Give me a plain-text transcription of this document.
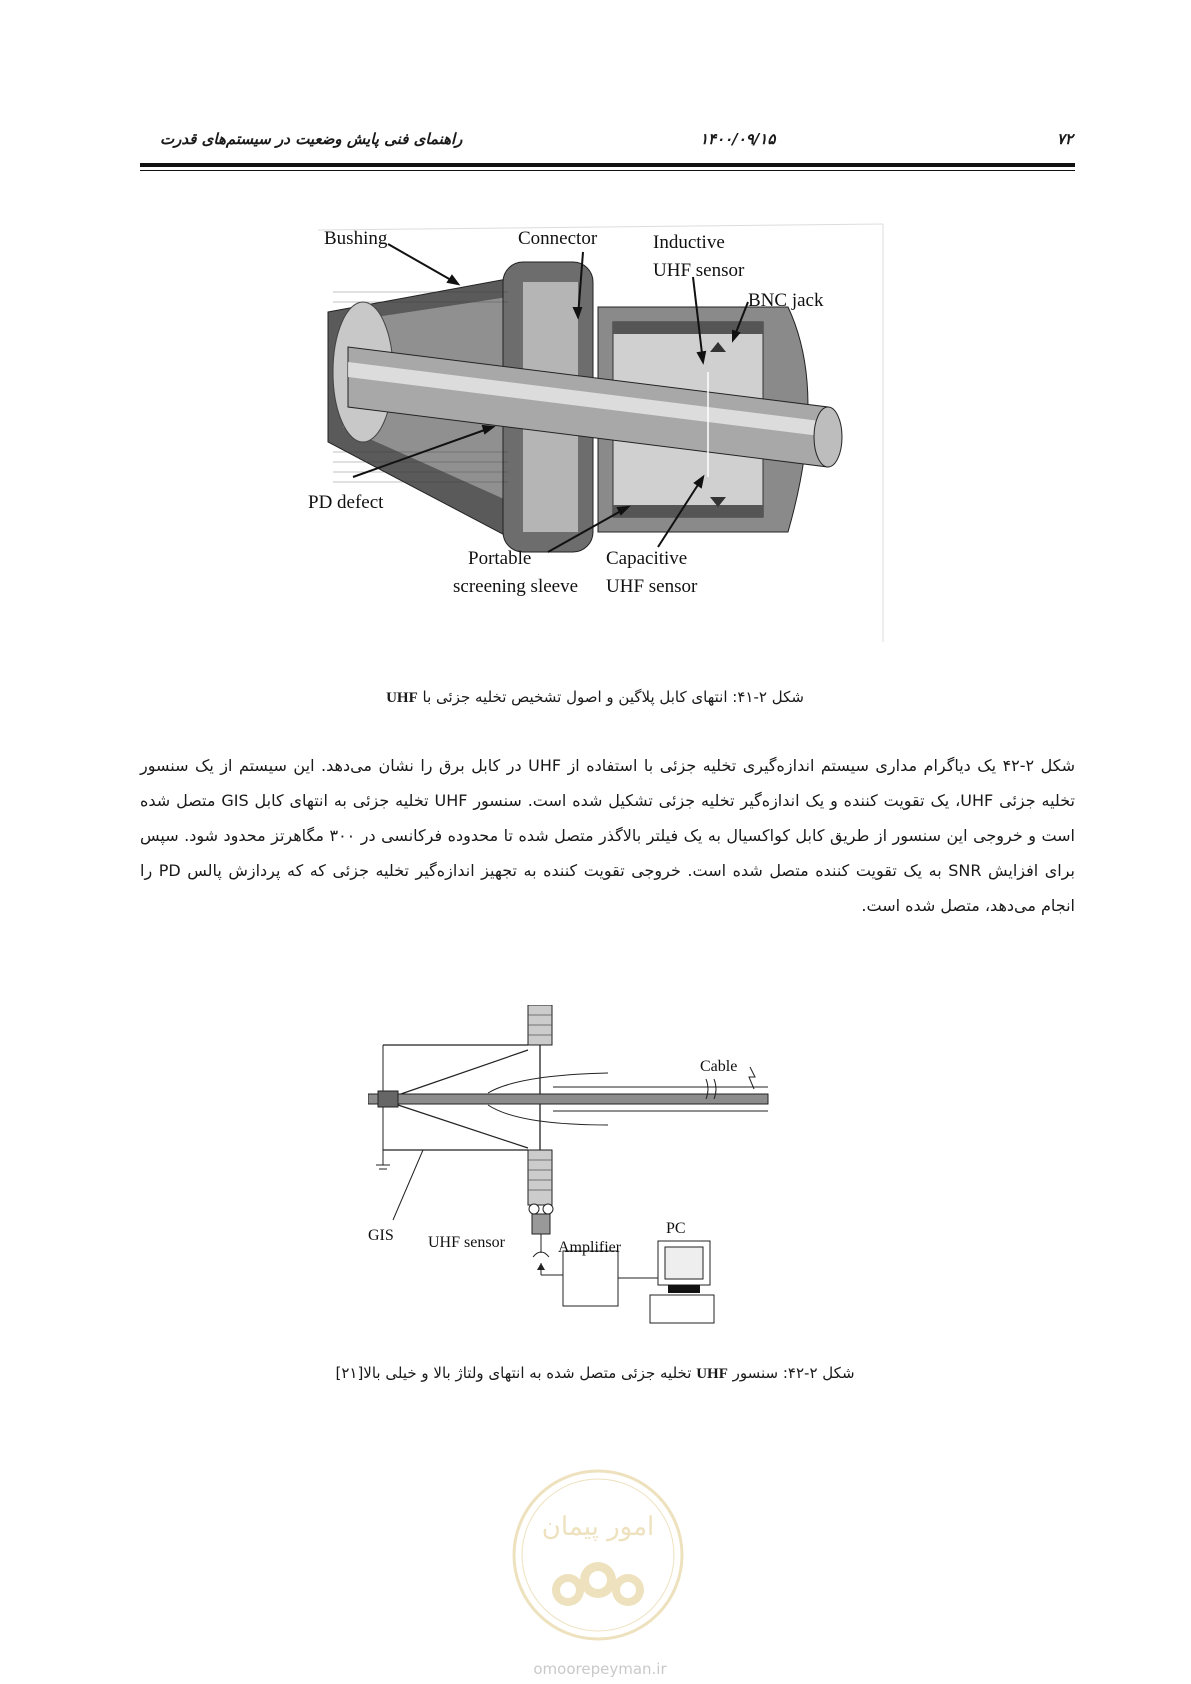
راهنمای فنی پایش وضعیت در سیستم‌های قدرت	۱۴۰۰/۰۹/۱۵	۷۲
Bushing	Connector	Inductive
UHF sensor
BNC jack
PD defect
Portable
screening sleeve
Capacitive
UHF sensor
شکل ۲-۴۱: انتهای کابل پلاگین و اصول تشخیص تخلیه جزئی با UHF

شکل ۲-۴۲ یک دیاگرام مداری سیستم اندازه‌گیری تخلیه جزئی با استفاده از UHF در کابل برق را نشان می‌دهد. این سیستم از یک سنسور تخلیه جزئی UHF، یک تقویت کننده و یک اندازه‌گیر تخلیه جزئی تشکیل شده است. سنسور UHF تخلیه جزئی به انتهای کابل GIS متصل شده است و خروجی این سنسور از طریق کابل کواکسیال به یک فیلتر بالاگذر متصل شده تا محدوده فرکانسی در ۳۰۰ مگاهرتز محدود شود. سپس برای افزایش SNR به یک تقویت کننده متصل شده است. خروجی تقویت کننده به تجهیز اندازه‌گیر تخلیه جزئی که که پردازش پالس PD را انجام می‌دهد، متصل شده است.

Cable
GIS UHF sensor	Amplifier
PC
شکل ۲-۴۲: سنسور UHF تخلیه جزئی متصل شده به انتهای ولتاژ بالا و خیلی بالا[۲۱]
امور پیمان
omoorepeyman.ir
